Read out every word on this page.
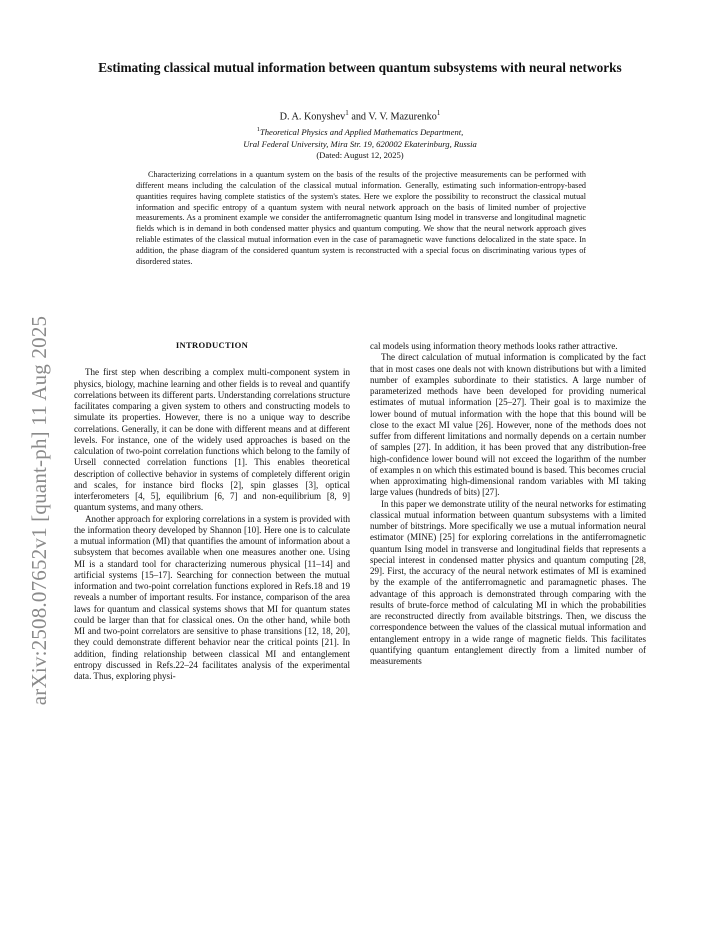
arXiv:2508.07652v1 [quant-ph] 11 Aug 2025
Estimating classical mutual information between quantum subsystems with neural networks
D. A. Konyshev$^1$ and V. V. Mazurenko$^1$
$^1$Theoretical Physics and Applied Mathematics Department,
Ural Federal University, Mira Str. 19, 620002 Ekaterinburg, Russia
(Dated: August 12, 2025)

Characterizing correlations in a quantum system on the basis of the results of the projective measurements can be performed with different means including the calculation of the classical mutual information. Generally, estimating such information-entropy-based quantities requires having complete statistics of the system's states. Here we explore the possibility to reconstruct the classical mutual information and specific entropy of a quantum system with neural network approach on the basis of limited number of projective measurements. As a prominent example we consider the antiferromagnetic quantum Ising model in transverse and longitudinal magnetic fields which is in demand in both condensed matter physics and quantum computing. We show that the neural network approach gives reliable estimates of the classical mutual information even in the case of paramagnetic wave functions delocalized in the state space. In addition, the phase diagram of the considered quantum system is reconstructed with a special focus on discriminating various types of disordered states.

INTRODUCTION

The first step when describing a complex multi-component system in physics, biology, machine learning and other fields is to reveal and quantify correlations between its different parts. Understanding correlations structure facilitates comparing a given system to others and constructing models to simulate its properties. However, there is no a unique way to describe correlations. Generally, it can be done with different means and at different levels. For instance, one of the widely used approaches is based on the calculation of two-point correlation functions which belong to the family of Ursell connected correlation functions [1]. This enables theoretical description of collective behavior in systems of completely different origin and scales, for instance bird flocks [2], spin glasses [3], optical interferometers [4, 5], equilibrium [6, 7] and non-equilibrium [8, 9] quantum systems, and many others.

Another approach for exploring correlations in a system is provided with the information theory developed by Shannon [10]. Here one is to calculate a mutual information (MI) that quantifies the amount of information about a subsystem that becomes available when one measures another one. Using MI is a standard tool for characterizing numerous physical [11–14] and artificial systems [15–17]. Searching for connection between the mutual information and two-point correlation functions explored in Refs.18 and 19 reveals a number of important results. For instance, comparison of the area laws for quantum and classical systems shows that MI for quantum states could be larger than that for classical ones. On the other hand, while both MI and two-point correlators are sensitive to phase transitions [12, 18, 20], they could demonstrate different behavior near the critical points [21]. In addition, finding relationship between classical MI and entanglement entropy discussed in Refs.22–24 facilitates analysis of the experimental data. Thus, exploring physi-

cal models using information theory methods looks rather attractive.

The direct calculation of mutual information is complicated by the fact that in most cases one deals not with known distributions but with a limited number of examples subordinate to their statistics. A large number of parameterized methods have been developed for providing numerical estimates of mutual information [25–27]. Their goal is to maximize the lower bound of mutual information with the hope that this bound will be close to the exact MI value [26]. However, none of the methods does not suffer from different limitations and normally depends on a certain number of samples [27]. In addition, it has been proved that any distribution-free high-confidence lower bound will not exceed the logarithm of the number of examples n on which this estimated bound is based. This becomes crucial when approximating high-dimensional random variables with MI taking large values (hundreds of bits) [27].

In this paper we demonstrate utility of the neural networks for estimating classical mutual information between quantum subsystems with a limited number of bitstrings. More specifically we use a mutual information neural estimator (MINE) [25] for exploring correlations in the antiferromagnetic quantum Ising model in transverse and longitudinal fields that represents a special interest in condensed matter physics and quantum computing [28, 29]. First, the accuracy of the neural network estimates of MI is examined by the example of the antiferromagnetic and paramagnetic phases. The advantage of this approach is demonstrated through comparing with the results of brute-force method of calculating MI in which the probabilities are reconstructed directly from available bitstrings. Then, we discuss the correspondence between the values of the classical mutual information and entanglement entropy in a wide range of magnetic fields. This facilitates quantifying quantum entanglement directly from a limited number of measurements
